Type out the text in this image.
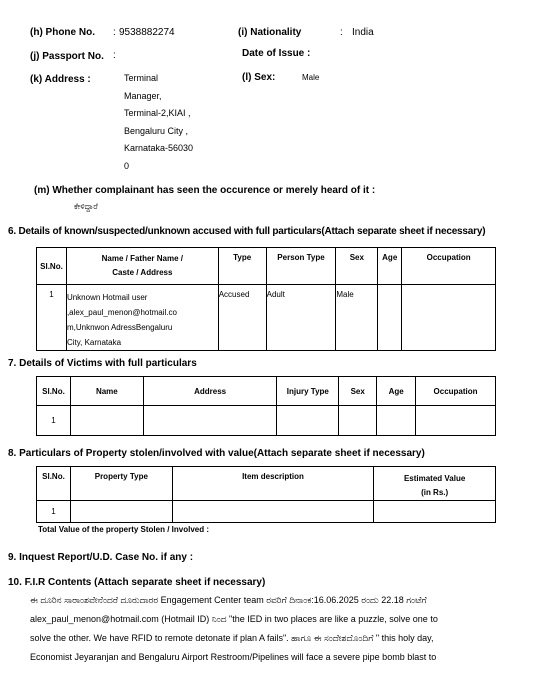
(h) Phone No. : 9538882274	(i) Nationality	: India
(j) Passport No. :	Date of Issue :
(k) Address :	Terminal
Manager,
Terminal-2,KIAI ,
Bengaluru City ,
Karnataka-56030
0
(l) Sex:	Male
(m) Whether complainant has seen the occurence or merely heard of it :
ಕೇಳಿದ್ದಾರೆ
6. Details of known/suspected/unknown accused with full particulars(Attach separate sheet if necessary)
Sl.No.	Name / Father Name /
Caste / Address	Type	Person Type	Sex	Age	Occupation
1	Unknown Hotmail user
,alex_paul_menon@hotmail.co
m,Unknwon AdressBengaluru
City, Karnataka	Accused	Adult	Male		
7. Details of Victims with full particulars
Sl.No.	Name	Address	Injury Type	Sex	Age	Occupation
1						
8. Particulars of Property stolen/involved with value(Attach separate sheet if necessary)
Sl.No.	Property Type	Item description	Estimated Value
(in Rs.)

1			
Total Value of the property Stolen / Involved :
9. Inquest Report/U.D. Case No. if any :
10. F.I.R Contents (Attach separate sheet if necessary)
ಈ ದೂರಿನ ಸಾರಾಂಶವೇನೆಂದರೆ ದೂರುದಾರರ Engagement Center team ರವರಿಗೆ ದಿನಾಂಕ:16.06.2025 ರಂದು 22.18 ಗಂಟೆಗೆ
alex_paul_menon@hotmail.com (Hotmail ID) ನಿಂದ "the IED in two places are like a puzzle, solve one to
solve the other. We have RFID to remote detonate if plan A fails". ಹಾಗೂ ಈ ಸಂದೇಶದೊಂದಿಗೆ " this holy day,
Economist Jeyaranjan and Bengaluru Airport Restroom/Pipelines will face a severe pipe bomb blast to
